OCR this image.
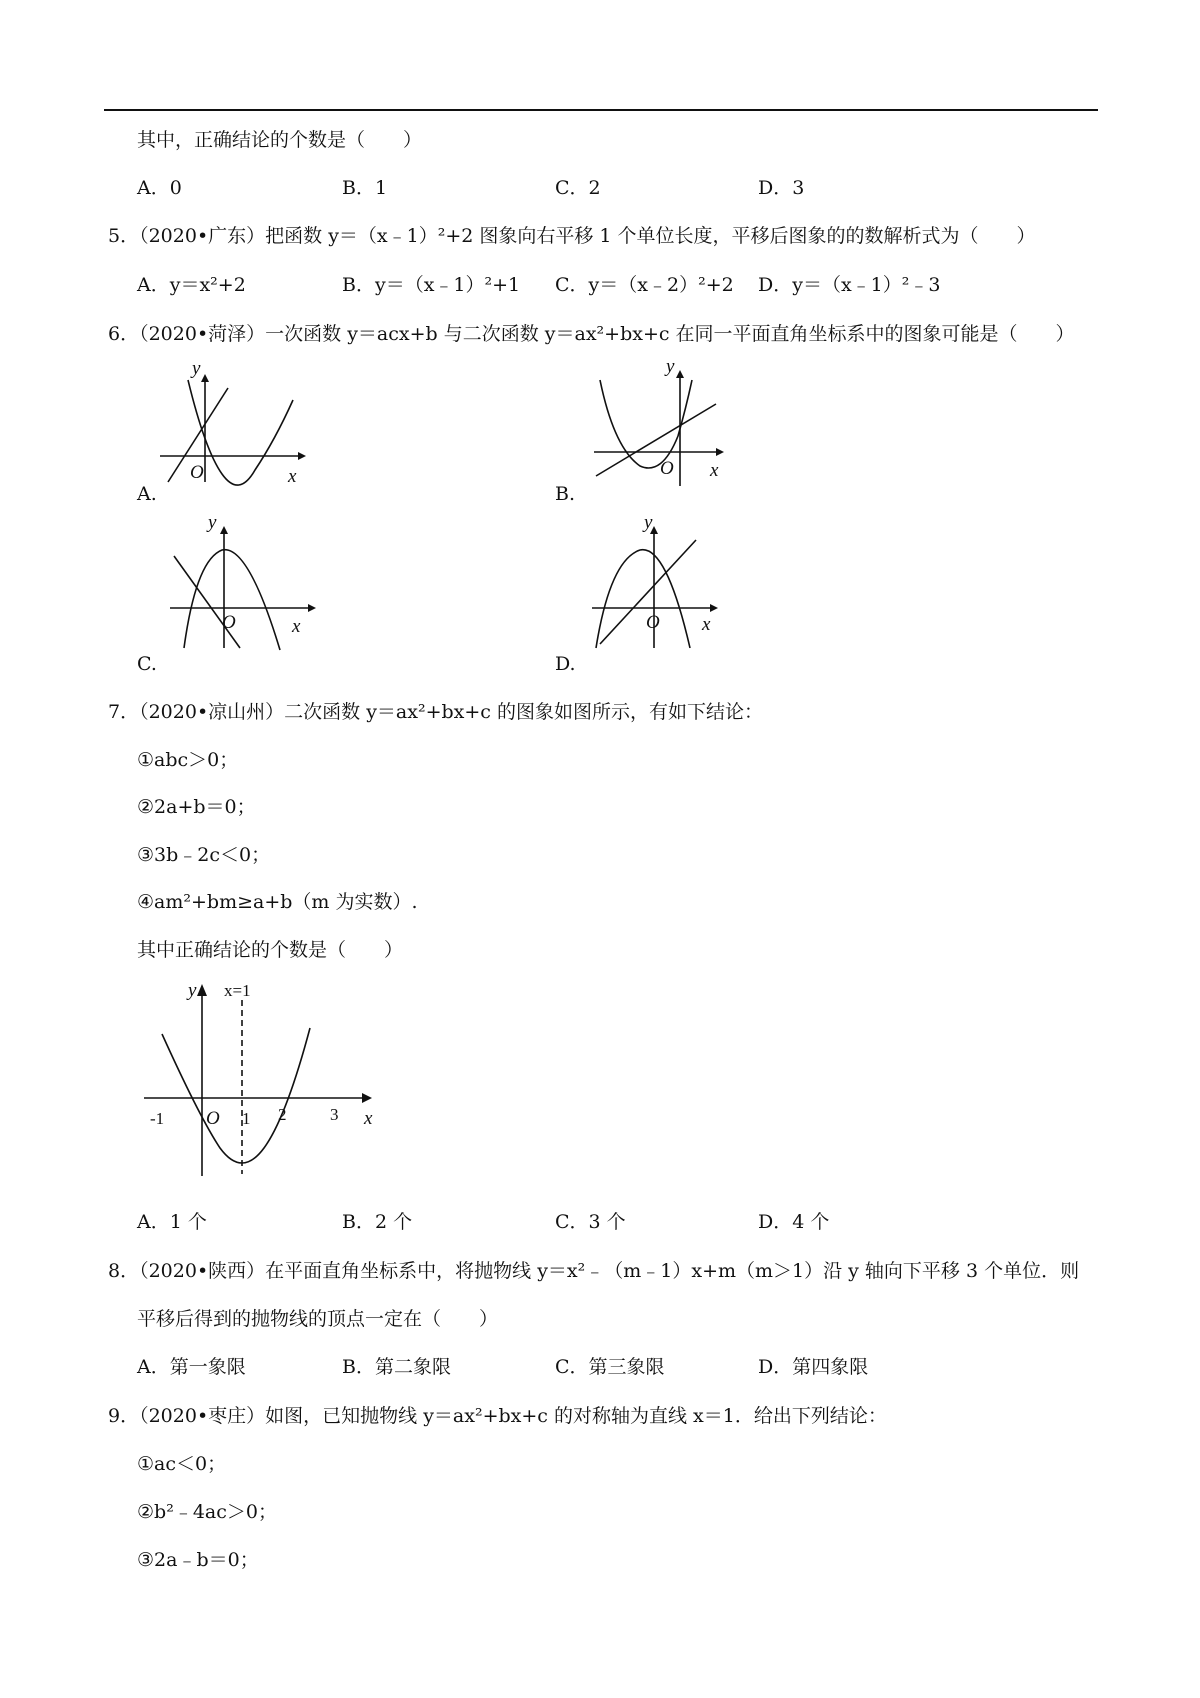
其中，正确结论的个数是（　　）
A．0	B．1	C．2	D．3
5．（2020•广东）把函数 y＝（x﹣1）²+2 图象向右平移 1 个单位长度，平移后图象的的数解析式为（　　）
A．y＝x²+2	B．y＝（x﹣1）²+1 C．y＝（x﹣2）²+2 D．y＝（x﹣1）²﹣3
6．（2020•菏泽）一次函数 y＝acx+b 与二次函数 y＝ax²+bx+c 在同一平面直角坐标系中的图象可能是（　　）
y
x
O
A.
y
x
O
B.
y
x
O
C.
y
x
O
D.
7．（2020•凉山州）二次函数 y＝ax²+bx+c 的图象如图所示，有如下结论：
①abc＞0；
②2a+b＝0；
③3b﹣2c＜0；
④am²+bm≥a+b（m 为实数）.
其中正确结论的个数是（　　）
y x=1
x
O
-1	1 2	3
A．1 个	B．2 个	C．3 个	D．4 个
8．（2020•陕西）在平面直角坐标系中，将抛物线 y＝x²﹣（m﹣1）x+m（m＞1）沿 y 轴向下平移 3 个单位．则
平移后得到的抛物线的顶点一定在（　　）
A．第一象限	B．第二象限	C．第三象限	D．第四象限
9．（2020•枣庄）如图，已知抛物线 y＝ax²+bx+c 的对称轴为直线 x＝1．给出下列结论：
①ac＜0；
②b²﹣4ac＞0；
③2a﹣b＝0；
